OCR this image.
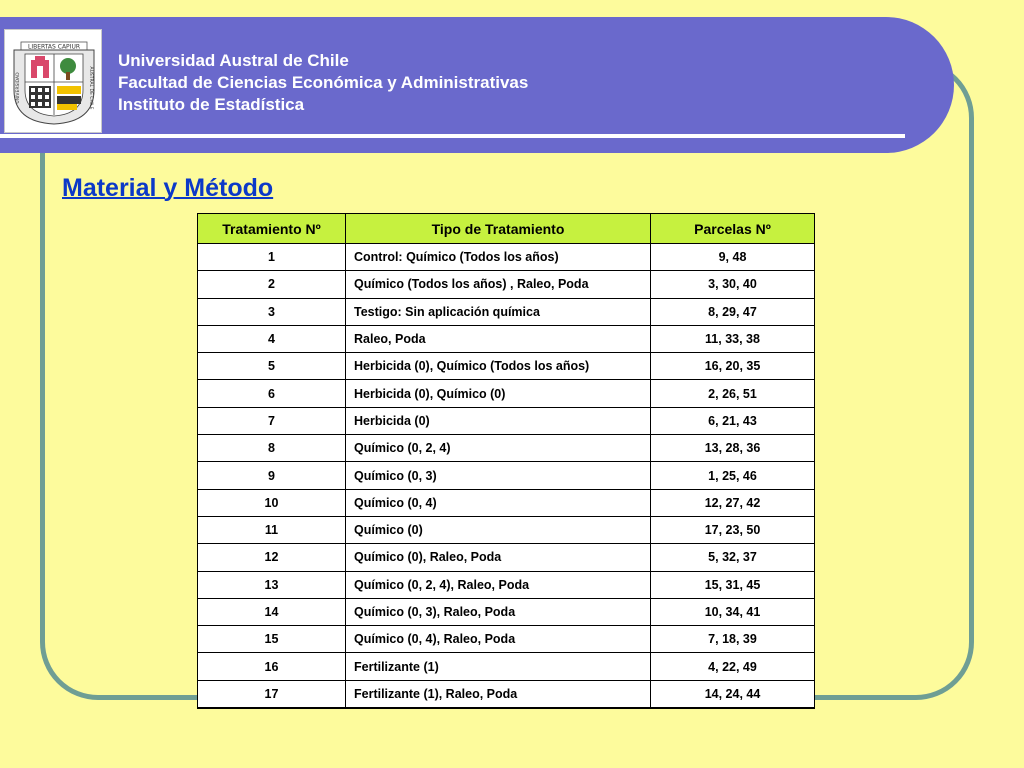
LIBERTAS CAPIUR
UNIVERSIDAD	AUSTRAL DE CHILE
Universidad Austral de Chile
Facultad de Ciencias Económica y Administrativas
Instituto de Estadística
Material y Método
Tratamiento Nº	Tipo de Tratamiento	Parcelas Nº
1	Control: Químico (Todos los años)	9, 48
2	Químico (Todos los años) , Raleo, Poda	3, 30, 40
3	Testigo: Sin aplicación química	8, 29, 47
4	Raleo, Poda	11, 33, 38
5	Herbicida (0), Químico (Todos los años)	16, 20, 35
6	Herbicida (0), Químico (0)	2, 26, 51
7	Herbicida (0)	6, 21, 43
8	Químico (0, 2, 4)	13, 28, 36
9	Químico (0, 3)	1, 25, 46
10	Químico (0, 4)	12, 27, 42
11	Químico (0)	17, 23, 50
12	Químico (0), Raleo, Poda	5, 32, 37
13	Químico (0, 2, 4), Raleo, Poda	15, 31, 45
14	Químico (0, 3), Raleo, Poda	10, 34, 41
15	Químico (0, 4), Raleo, Poda	7, 18, 39
16	Fertilizante (1)	4, 22, 49
17	Fertilizante (1), Raleo, Poda	14, 24, 44
